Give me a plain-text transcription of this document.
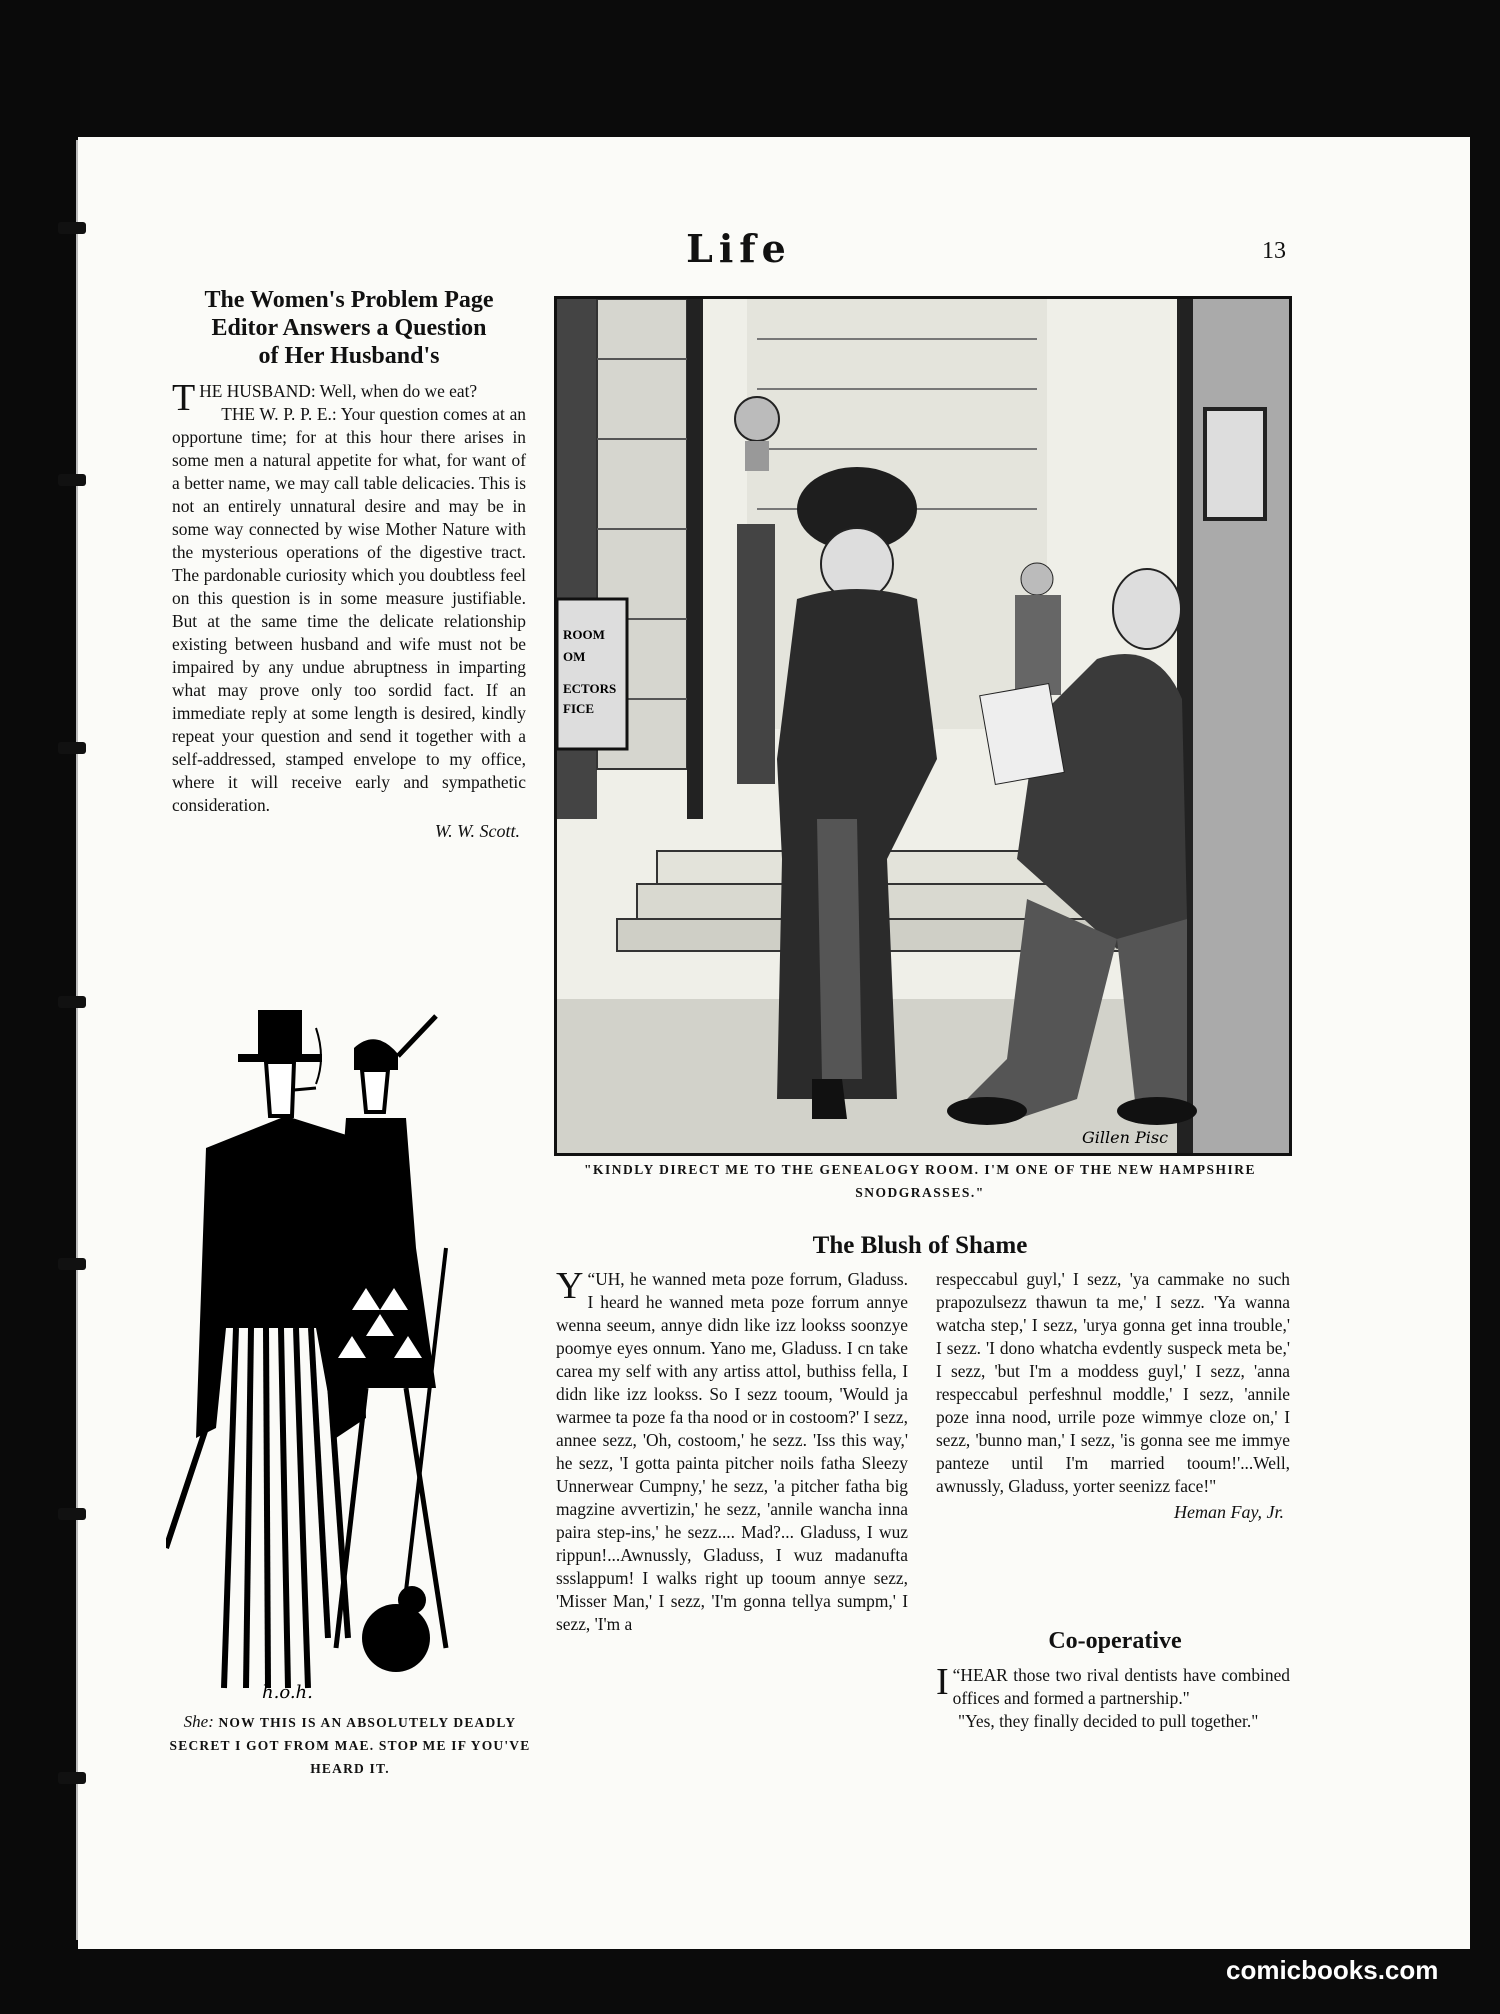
Life	13
The Women's Problem Page
Editor Answers a Question
of Her Husband's

THE HUSBAND: Well, when do we eat?

THE W. P. P. E.: Your question comes at an opportune time; for at this hour there arises in some men a natural appetite for what, for want of a better name, we may call table delicacies. This is not an entirely unnatural desire and may be in some way connected by wise Mother Nature with the mysterious operations of the digestive tract. The pardonable curiosity which you doubtless feel on this question is in some measure justifiable. But at the same time the delicate relationship existing between husband and wife must not be impaired by any undue abruptness in imparting what may prove only too sordid fact. If an immediate reply at some length is desired, kindly repeat your question and send it together with a self-addressed, stamped envelope to my office, where it will receive early and sympathetic consideration.

W. W. Scott.
ROOM
OM
ECTORS
FICE
Gillen Pisc
"KINDLY DIRECT ME TO THE GENEALOGY ROOM. I'M ONE OF THE NEW HAMPSHIRE SNODGRASSES."
The Blush of Shame

“
Y UH, he wanned meta poze forrum, Gladuss. I heard he wanned meta poze forrum annye wenna seeum, annye didn like izz lookss soonzye poomye eyes onnum. Yano me, Gladuss. I cn take carea my self with any artiss attol, buthiss fella, I didn like izz lookss. So I sezz tooum, 'Would ja warmee ta poze fa tha nood or in costoom?' I sezz, annee sezz, 'Oh, costoom,' he sezz. 'Iss this way,' he sezz, 'I gotta painta pitcher noils fatha Sleezy Unnerwear Cumpny,' he sezz, 'a pitcher fatha big magzine avvertizin,' he sezz, 'annile wancha inna paira step-ins,' he sezz.... Mad?... Gladuss, I wuz rippun!...Awnussly, Gladuss, I wuz madanufta ssslappum! I walks right up tooum annye sezz, 'Misser Man,' I sezz, 'I'm gonna tellya sumpm,' I sezz, 'I'm a

respeccabul guyl,' I sezz, 'ya cammake no such prapozulsezz thawun ta me,' I sezz. 'Ya wanna watcha step,' I sezz, 'urya gonna get inna trouble,' I sezz. 'I dono whatcha evdently suspeck meta be,' I sezz, 'but I'm a moddess guyl,' I sezz, 'anna respeccabul perfeshnul moddle,' I sezz, 'annile poze inna nood, urrile poze wimmye cloze on,' I sezz, 'bunno man,' I sezz, 'is gonna see me immye panteze until I'm married tooum!'...Well, awnussly, Gladuss, yorter seenizz face!"

Heman Fay, Jr.
Co-operative

“
I HEAR those two rival dentists have combined offices and formed a partnership."

"Yes, they finally decided to pull together."

h.o.h.
She: NOW THIS IS AN ABSOLUTELY DEADLY SECRET I GOT FROM MAE. STOP ME IF YOU'VE HEARD IT.
comicbooks.com
